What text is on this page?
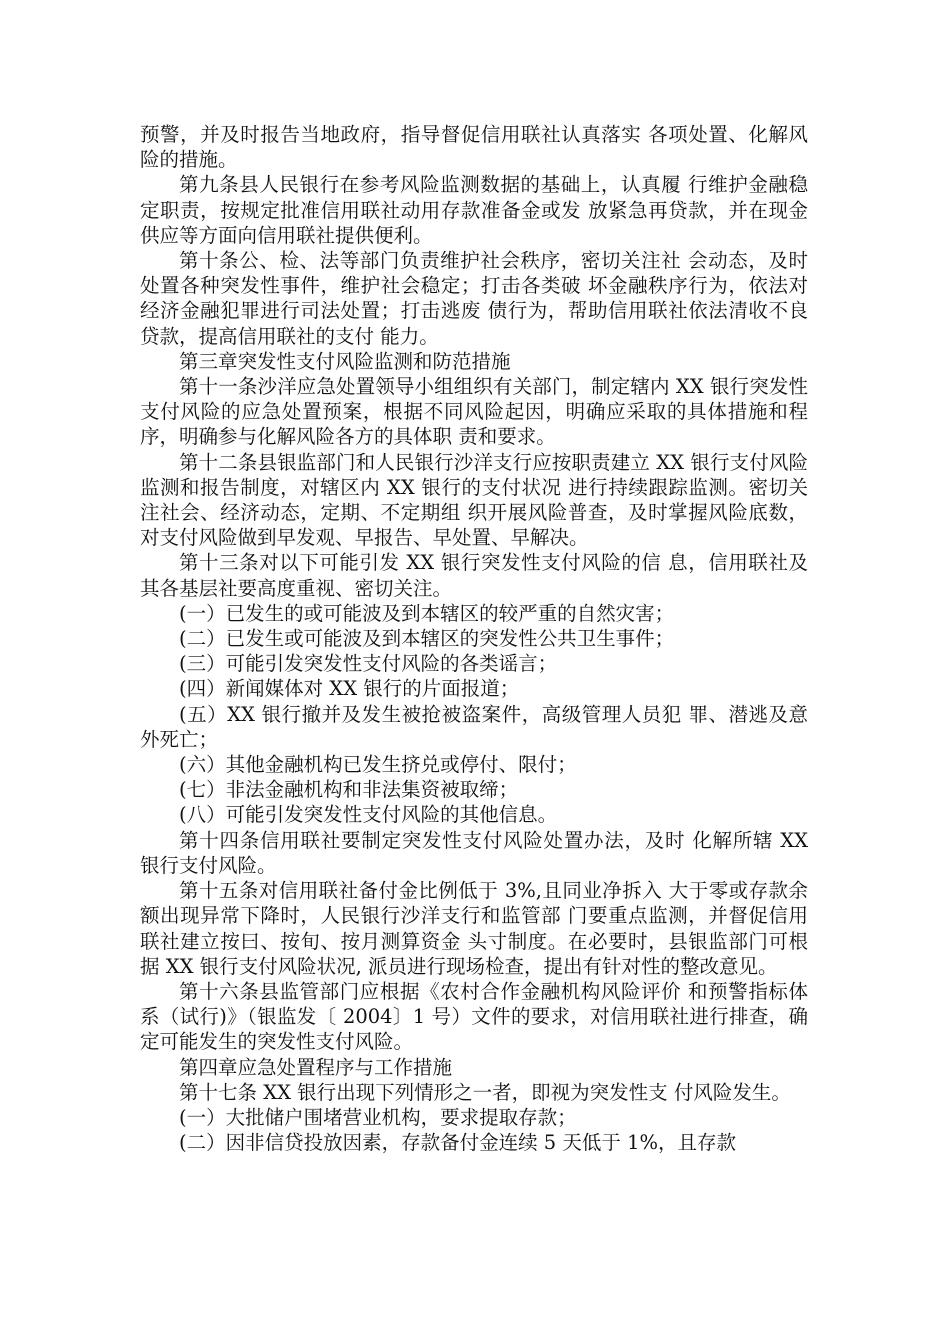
预警，并及时报告当地政府，指导督促信用联社认真落实 各项处置、化解风险的措施。

第九条县人民银行在参考风险监测数据的基础上，认真履 行维护金融稳定职责，按规定批准信用联社动用存款准备金或发 放紧急再贷款，并在现金供应等方面向信用联社提供便利。

第十条公、检、法等部门负责维护社会秩序，密切关注社 会动态，及时处置各种突发性事件，维护社会稳定；打击各类破 坏金融秩序行为，依法对经济金融犯罪进行司法处置；打击逃废 债行为，帮助信用联社依法清收不良贷款，提高信用联社的支付 能力。

第三章突发性支付风险监测和防范措施

第十一条沙洋应急处置领导小组组织有关部门，制定辖内 XX 银行突发性支付风险的应急处置预案，根据不同风险起因，明确应采取的具体措施和程序，明确参与化解风险各方的具体职 责和要求。

第十二条县银监部门和人民银行沙洋支行应按职责建立 XX 银行支付风险监测和报告制度，对辖区内 XX 银行的支付状况 进行持续跟踪监测。密切关注社会、经济动态，定期、不定期组 织开展风险普查，及时掌握风险底数，对支付风险做到早发观、早报告、早处置、早解决。

第十三条对以下可能引发 XX 银行突发性支付风险的信 息，信用联社及其各基层社要高度重视、密切关注。

(一）已发生的或可能波及到本辖区的较严重的自然灾害；

(二）已发生或可能波及到本辖区的突发性公共卫生事件；

(三）可能引发突发性支付风险的各类谣言；

(四）新闻媒体对 XX 银行的片面报道；

(五）XX 银行撤并及发生被抢被盗案件，高级管理人员犯 罪、潜逃及意外死亡；

(六）其他金融机构已发生挤兑或停付、限付；

(七）非法金融机构和非法集资被取缔；

(八）可能引发突发性支付风险的其他信息。

第十四条信用联社要制定突发性支付风险处置办法，及时 化解所辖 XX 银行支付风险。

第十五条对信用联社备付金比例低于 3%,且同业净拆入 大于零或存款余额出现异常下降时，人民银行沙洋支行和监管部 门要重点监测，并督促信用联社建立按曰、按旬、按月测算资金 头寸制度。在必要时，县银监部门可根据 XX 银行支付风险状况, 派员进行现场检查，提出有针对性的整改意见。

第十六条县监管部门应根据《农村合作金融机构风险评价 和预警指标体系（试行)》（银监发〔 2004〕1 号）文件的要求，对信用联社进行排查，确定可能发生的突发性支付风险。

第四章应急处置程序与工作措施

第十七条 XX 银行出现下列情形之一者，即视为突发性支 付风险发生。

(一）大批储户围堵营业机构，要求提取存款；

(二）因非信贷投放因素，存款备付金连续 5 天低于 1%，且存款
